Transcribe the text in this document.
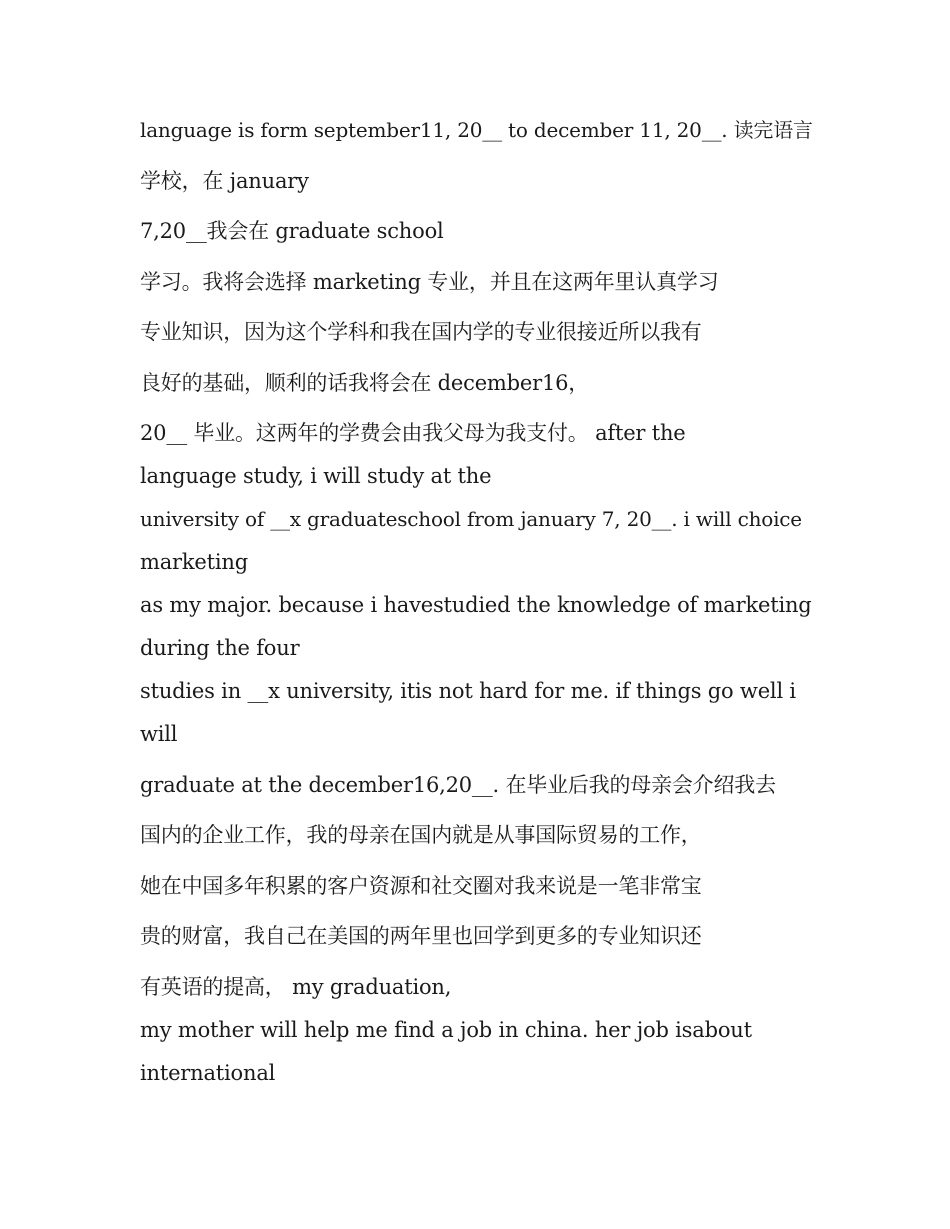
language is form september11, 20__ to december 11, 20__. 读完语言
学校，在 january
7,20__我会在 graduate school
学习。我将会选择 marketing 专业，并且在这两年里认真学习
专业知识，因为这个学科和我在国内学的专业很接近所以我有
良好的基础，顺利的话我将会在 december16，
20__ 毕业。这两年的学费会由我父母为我支付。 after the
language study, i will study at the
university of __x graduateschool from january 7, 20__. i will choice
marketing
as my major. because i havestudied the knowledge of marketing
during the four
studies in __x university, itis not hard for me. if things go well i
will
graduate at the december16,20__. 在毕业后我的母亲会介绍我去
国内的企业工作，我的母亲在国内就是从事国际贸易的工作，
她在中国多年积累的客户资源和社交圈对我来说是一笔非常宝
贵的财富，我自己在美国的两年里也回学到更多的专业知识还
有英语的提高， my graduation,
my mother will help me find a job in china. her job isabout
international
